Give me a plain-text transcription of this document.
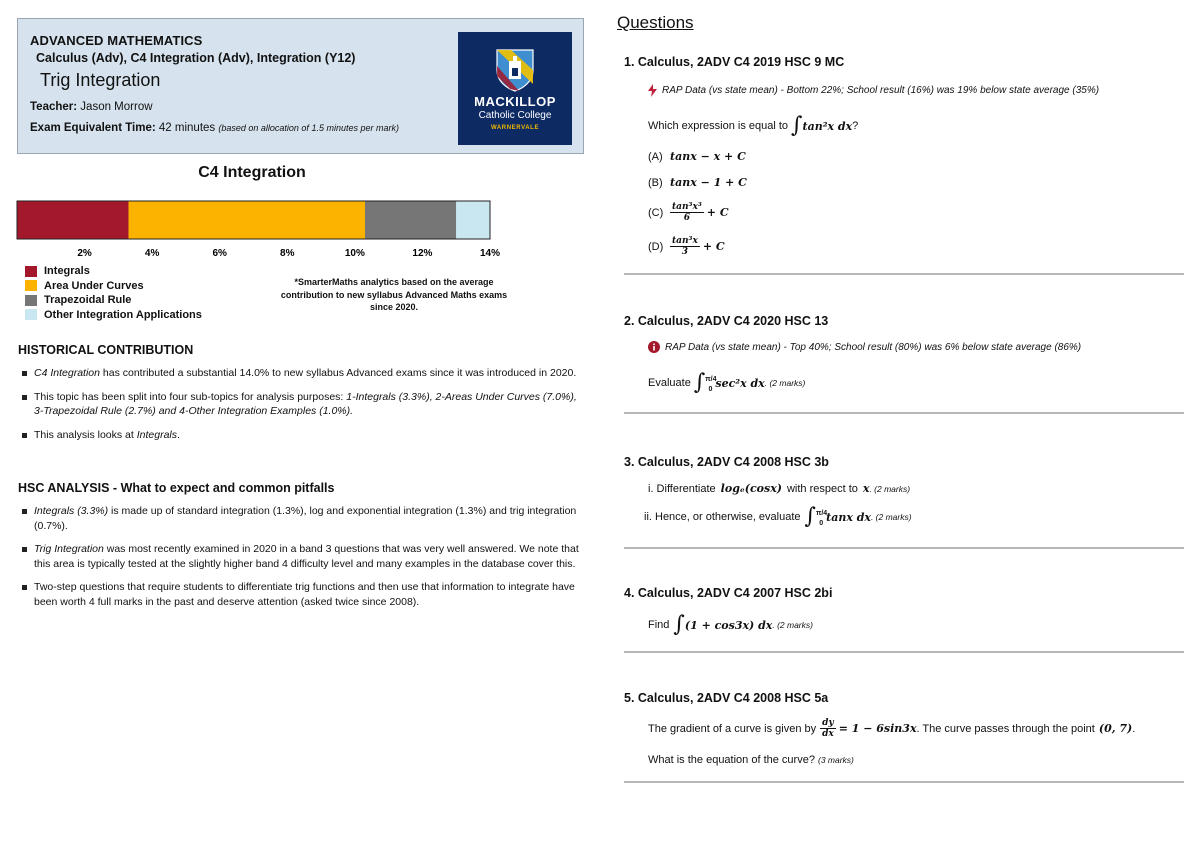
ADVANCED MATHEMATICS
Calculus (Adv), C4 Integration (Adv), Integration (Y12)
Trig Integration
Teacher: Jason Morrow
Exam Equivalent Time: 42 minutes (based on allocation of 1.5 minutes per mark)
MACKILLOP
Catholic College
WARNERVALE
C4 Integration
2%	4%	6%	8%	10%	12%	14%
Integrals
Area Under Curves
Trapezoidal Rule
Other Integration Applications
*SmarterMaths analytics based on the average contribution to new syllabus Advanced Maths exams since 2020.
HISTORICAL CONTRIBUTION
C4 Integration has contributed a substantial 14.0% to new syllabus Advanced exams since it was introduced in 2020.
This topic has been split into four sub-topics for analysis purposes: 1-Integrals (3.3%), 2-Areas Under Curves (7.0%), 3-Trapezoidal Rule (2.7%) and 4-Other Integration Examples (1.0%).
This analysis looks at Integrals.
HSC ANALYSIS - What to expect and common pitfalls
Integrals (3.3%) is made up of standard integration (1.3%), log and exponential integration (1.3%) and trig integration (0.7%).
Trig Integration was most recently examined in 2020 in a band 3 questions that was very well answered. We note that this area is typically tested at the slightly higher band 4 difficulty level and many examples in the database cover this.
Two-step questions that require students to differentiate trig functions and then use that information to integrate have been worth 4 full marks in the past and deserve attention (asked twice since 2008).
Questions
1. Calculus, 2ADV C4 2019 HSC 9 MC
RAP Data (vs state mean) - Bottom 22%; School result (16%) was 19% below state average (35%)
Which expression is equal to ∫ tan²x dx ?
(A) tanx − x + C
(B) tanx − 1 + C
$(C) \frac{\text{tan³x³}}{6} + C$
$(D) \frac{\text{tan³x}}{3} + C$
2. Calculus, 2ADV C4 2020 HSC 13
RAP Data (vs state mean) - Top 40%; School result (80%) was 6% below state average (86%)
Evaluate ∫ π/4
0 sec²x dx . (2 marks)
3. Calculus, 2ADV C4 2008 HSC 3b
i. Differentiate logₑ(cosx) with respect to x . (2 marks)
ii. Hence, or otherwise, evaluate ∫ π/4
0 tanx dx . (2 marks)
4. Calculus, 2ADV C4 2007 HSC 2bi
Find ∫ (1 + cos3x) dx . (2 marks)
5. Calculus, 2ADV C4 2008 HSC 5a
The gradient of a curve is given by $\frac{dy}{dx} = 1 - 6\sin 3x$ . The curve passes through the point (0, 7) .
What is the equation of the curve? (3 marks)
